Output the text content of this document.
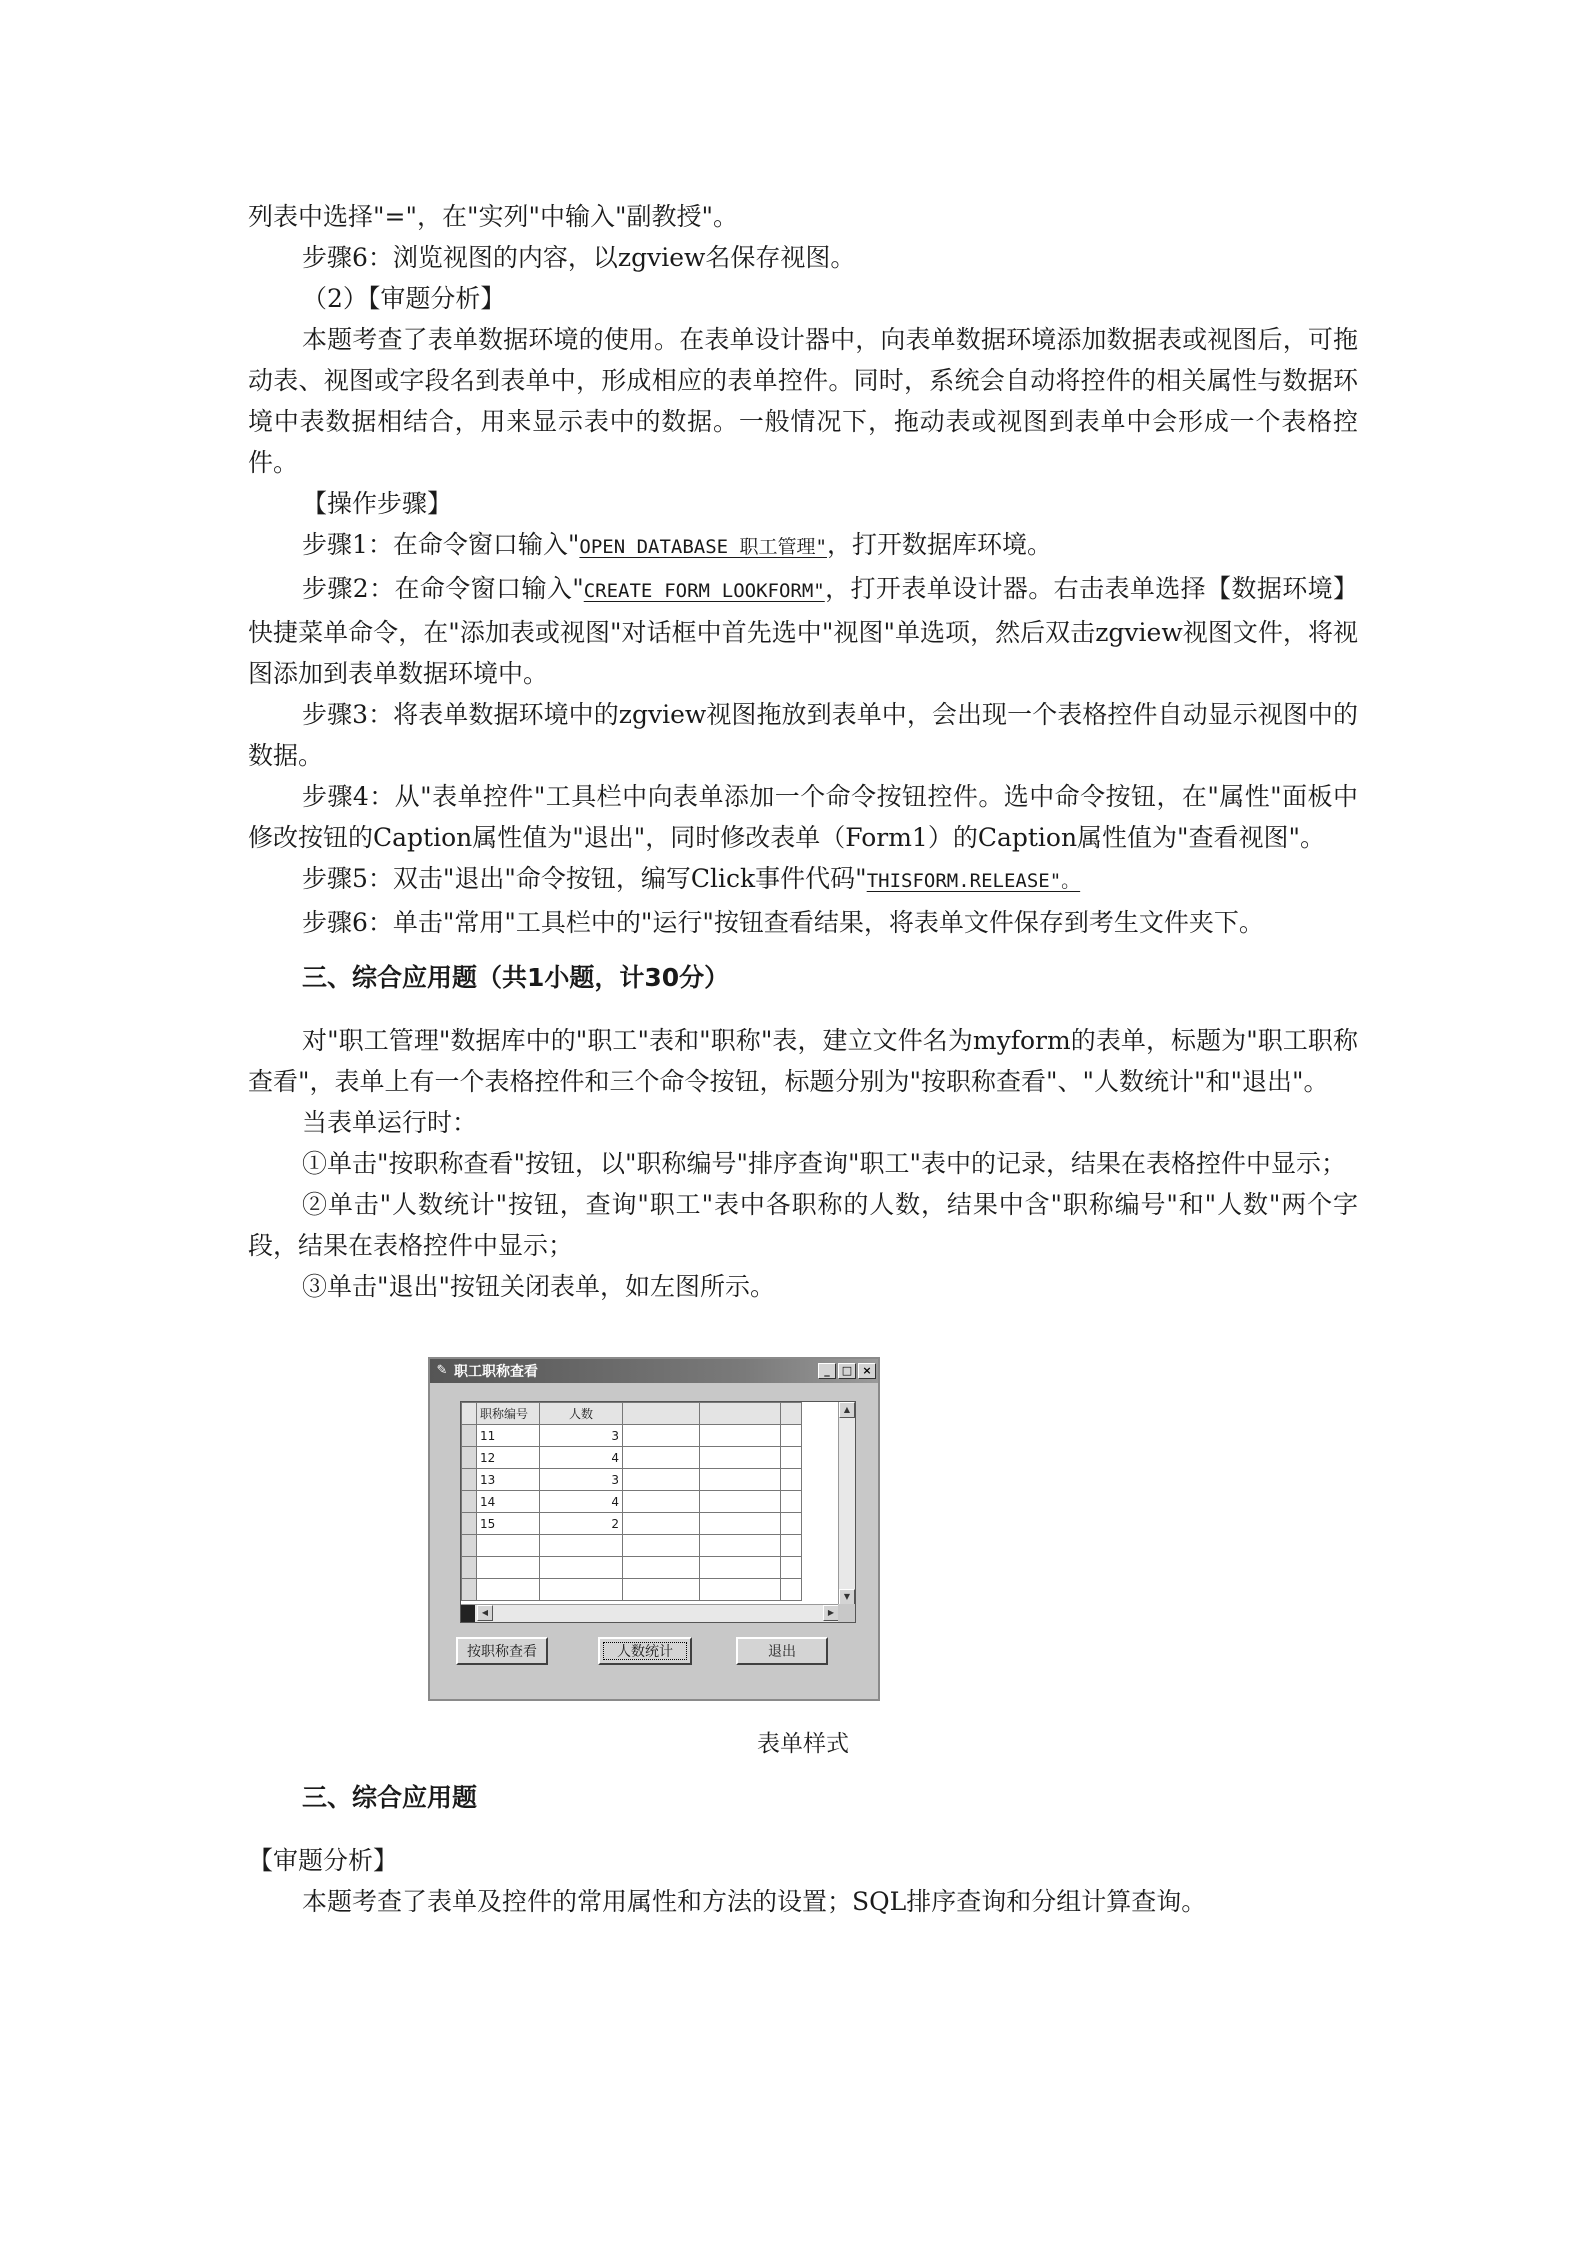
列表中选择"="，在"实列"中输入"副教授"。

步骤6：浏览视图的内容，以zgview名保存视图。

（2）【审题分析】

本题考查了表单数据环境的使用。在表单设计器中，向表单数据环境添加数据表或视图后，可拖动表、视图或字段名到表单中，形成相应的表单控件。同时，系统会自动将控件的相关属性与数据环境中表数据相结合，用来显示表中的数据。一般情况下，拖动表或视图到表单中会形成一个表格控件。

【操作步骤】

步骤1：在命令窗口输入"OPEN DATABASE 职工管理"，打开数据库环境。

步骤2：在命令窗口输入"CREATE FORM LOOKFORM"，打开表单设计器。右击表单选择【数据环境】快捷菜单命令，在"添加表或视图"对话框中首先选中"视图"单选项，然后双击zgview视图文件，将视图添加到表单数据环境中。

步骤3：将表单数据环境中的zgview视图拖放到表单中，会出现一个表格控件自动显示视图中的数据。

步骤4：从"表单控件"工具栏中向表单添加一个命令按钮控件。选中命令按钮，在"属性"面板中修改按钮的Caption属性值为"退出"，同时修改表单（Form1）的Caption属性值为"查看视图"。

步骤5：双击"退出"命令按钮，编写Click事件代码"THISFORM.RELEASE"。

步骤6：单击"常用"工具栏中的"运行"按钮查看结果，将表单文件保存到考生文件夹下。

三、综合应用题（共1小题，计30分）

对"职工管理"数据库中的"职工"表和"职称"表，建立文件名为myform的表单，标题为"职工职称查看"，表单上有一个表格控件和三个命令按钮，标题分别为"按职称查看"、"人数统计"和"退出"。

当表单运行时：

①单击"按职称查看"按钮，以"职称编号"排序查询"职工"表中的记录，结果在表格控件中显示；

②单击"人数统计"按钮，查询"职工"表中各职称的人数，结果中含"职称编号"和"人数"两个字段，结果在表格控件中显示；

③单击"退出"按钮关闭表单，如左图所示。

✎ 职工职称查看	_	□ ×
	职称编号	人数			
	11	3			
	12	4			
	13	3			
	14	4			
	15	2			

▲
▼
◀	▶
按职称查看	人数统计	退出
表单样式

三、综合应用题

【审题分析】

本题考查了表单及控件的常用属性和方法的设置；SQL排序查询和分组计算查询。
